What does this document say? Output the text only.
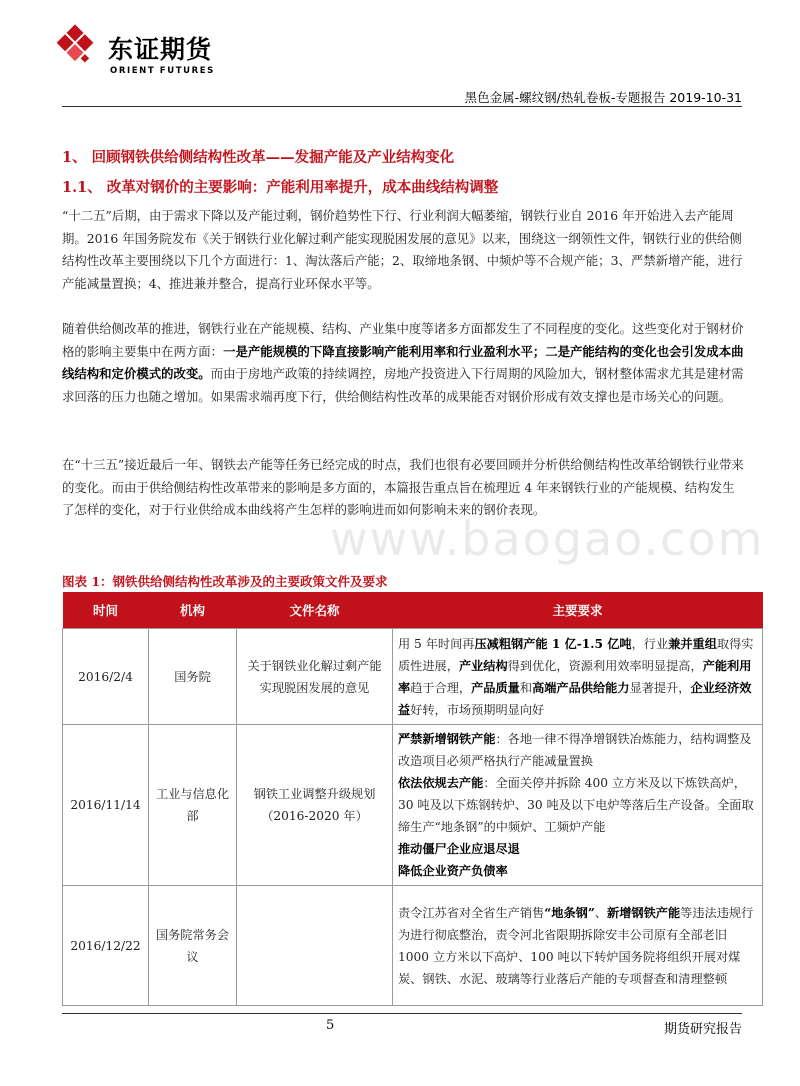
东证期货
ORIENT FUTURES
黑色金属-螺纹钢/热轧卷板-专题报告 2019-10-31
1、 回顾钢铁供给侧结构性改革——发掘产能及产业结构变化
1.1、 改革对钢价的主要影响：产能利用率提升，成本曲线结构调整
“十二五”后期，由于需求下降以及产能过剩，钢价趋势性下行、行业利润大幅萎缩，钢铁行业自 2016 年开始进入去产能周期。2016 年国务院发布《关于钢铁行业化解过剩产能实现脱困发展的意见》以来，围绕这一纲领性文件，钢铁行业的供给侧结构性改革主要围绕以下几个方面进行：1、淘汰落后产能；2、取缔地条钢、中频炉等不合规产能；3、严禁新增产能，进行产能减量置换；4、推进兼并整合，提高行业环保水平等。
随着供给侧改革的推进，钢铁行业在产能规模、结构、产业集中度等诸多方面都发生了不同程度的变化。这些变化对于钢材价格的影响主要集中在两方面：一是产能规模的下降直接影响产能利用率和行业盈利水平；二是产能结构的变化也会引发成本曲线结构和定价模式的改变。而由于房地产政策的持续调控，房地产投资进入下行周期的风险加大，钢材整体需求尤其是建材需求回落的压力也随之增加。如果需求端再度下行，供给侧结构性改革的成果能否对钢价形成有效支撑也是市场关心的问题。
在“十三五”接近最后一年、钢铁去产能等任务已经完成的时点，我们也很有必要回顾并分析供给侧结构性改革给钢铁行业带来的变化。而由于供给侧结构性改革带来的影响是多方面的，本篇报告重点旨在梳理近 4 年来钢铁行业的产能规模、结构发生了怎样的变化，对于行业供给成本曲线将产生怎样的影响进而如何影响未来的钢价表现。
www.baogao.com
图表 1：钢铁供给侧结构性改革涉及的主要政策文件及要求
时间	机构	文件名称	主要要求
2016/2/4	国务院	关于钢铁业化解过剩产能实现脱困发展的意见	用 5 年时间再压减粗钢产能 1 亿-1.5 亿吨，行业兼并重组取得实质性进展，产业结构得到优化，资源利用效率明显提高，产能利用率趋于合理，产品质量和高端产品供给能力显著提升，企业经济效益好转，市场预期明显向好
2016/11/14	工业与信息化部	钢铁工业调整升级规划（2016-2020 年）	严禁新增钢铁产能：各地一律不得净增钢铁冶炼能力，结构调整及改造项目必须严格执行产能减量置换
依法依规去产能：全面关停并拆除 400 立方米及以下炼铁高炉，30 吨及以下炼钢转炉、30 吨及以下电炉等落后生产设备。全面取缔生产“地条钢”的中频炉、工频炉产能
推动僵尸企业应退尽退
降低企业资产负债率
2016/12/22	国务院常务会议		责令江苏省对全省生产销售“地条钢”、新增钢铁产能等违法违规行为进行彻底整治，责令河北省限期拆除安丰公司原有全部老旧 1000 立方米以下高炉、100 吨以下转炉国务院将组织开展对煤炭、钢铁、水泥、玻璃等行业落后产能的专项督查和清理整顿
5	期货研究报告
